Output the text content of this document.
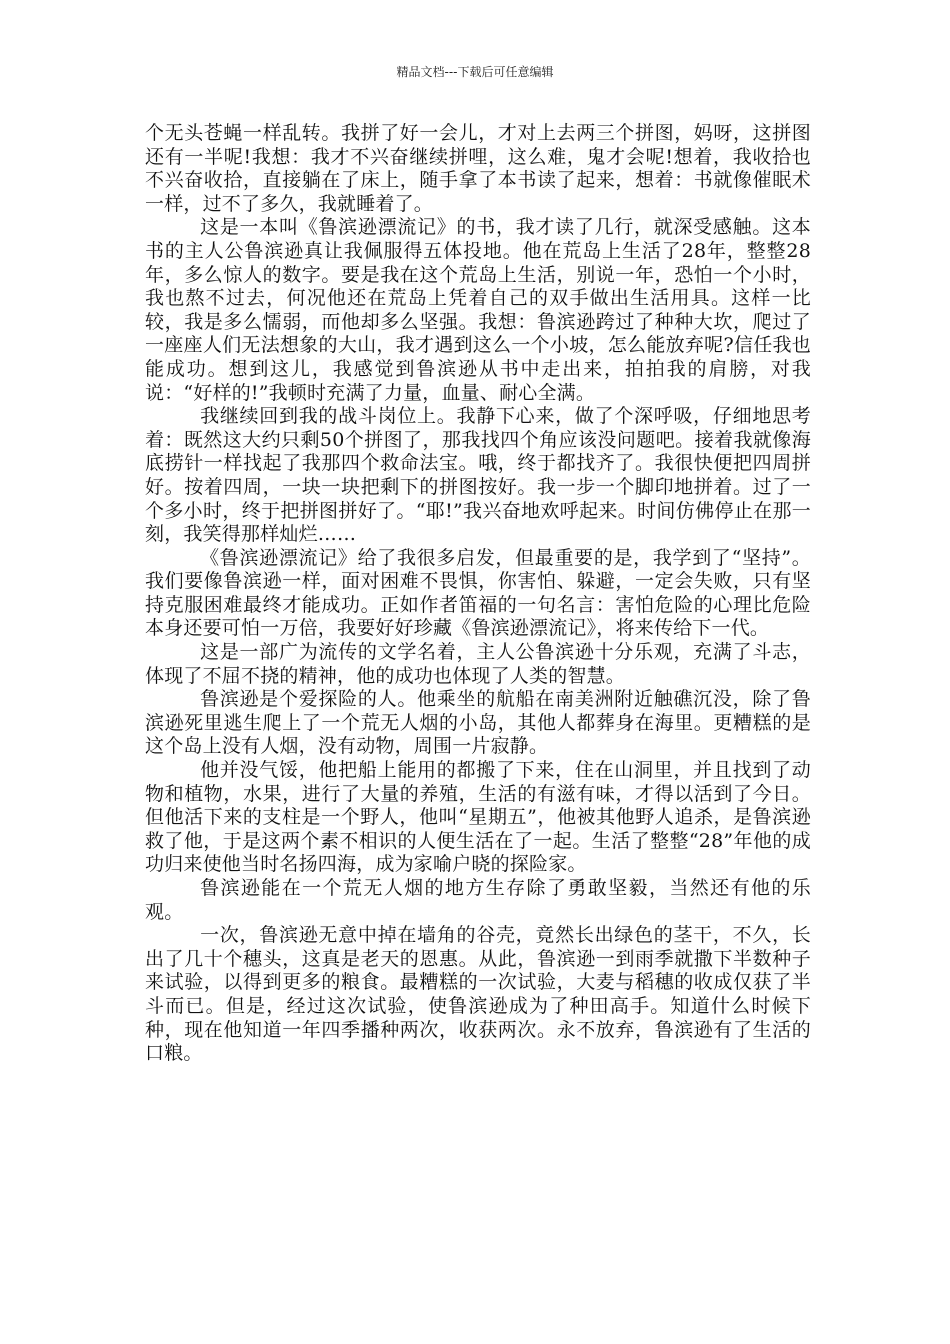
精品文档---下载后可任意编辑

个无头苍蝇一样乱转。我拼了好一会儿，才对上去两三个拼图，妈呀，这拼图还有一半呢!我想：我才不兴奋继续拼哩，这么难，鬼才会呢!想着，我收拾也不兴奋收拾，直接躺在了床上，随手拿了本书读了起来，想着：书就像催眠术一样，过不了多久，我就睡着了。

这是一本叫《鲁滨逊漂流记》的书，我才读了几行，就深受感触。这本书的主人公鲁滨逊真让我佩服得五体投地。他在荒岛上生活了28年，整整28年，多么惊人的数字。要是我在这个荒岛上生活，别说一年，恐怕一个小时，我也熬不过去，何况他还在荒岛上凭着自己的双手做出生活用具。这样一比较，我是多么懦弱，而他却多么坚强。我想：鲁滨逊跨过了种种大坎，爬过了一座座人们无法想象的大山，我才遇到这么一个小坡，怎么能放弃呢?信任我也能成功。想到这儿，我感觉到鲁滨逊从书中走出来，拍拍我的肩膀，对我说：“好样的!”我顿时充满了力量，血量、耐心全满。

我继续回到我的战斗岗位上。我静下心来，做了个深呼吸，仔细地思考着：既然这大约只剩50个拼图了，那我找四个角应该没问题吧。接着我就像海底捞针一样找起了我那四个救命法宝。哦，终于都找齐了。我很快便把四周拼好。按着四周，一块一块把剩下的拼图按好。我一步一个脚印地拼着。过了一个多小时，终于把拼图拼好了。“耶!”我兴奋地欢呼起来。时间仿佛停止在那一刻，我笑得那样灿烂……

《鲁滨逊漂流记》给了我很多启发，但最重要的是，我学到了“坚持”。我们要像鲁滨逊一样，面对困难不畏惧，你害怕、躲避，一定会失败，只有坚持克服困难最终才能成功。正如作者笛福的一句名言：害怕危险的心理比危险本身还要可怕一万倍，我要好好珍藏《鲁滨逊漂流记》，将来传给下一代。

这是一部广为流传的文学名着，主人公鲁滨逊十分乐观，充满了斗志，体现了不屈不挠的精神，他的成功也体现了人类的智慧。

鲁滨逊是个爱探险的人。他乘坐的航船在南美洲附近触礁沉没，除了鲁滨逊死里逃生爬上了一个荒无人烟的小岛，其他人都葬身在海里。更糟糕的是这个岛上没有人烟，没有动物，周围一片寂静。

他并没气馁，他把船上能用的都搬了下来，住在山洞里，并且找到了动物和植物，水果，进行了大量的养殖，生活的有滋有味，才得以活到了今日。但他活下来的支柱是一个野人，他叫“星期五”，他被其他野人追杀，是鲁滨逊救了他，于是这两个素不相识的人便生活在了一起。生活了整整“28”年他的成功归来使他当时名扬四海，成为家喻户晓的探险家。

鲁滨逊能在一个荒无人烟的地方生存除了勇敢坚毅，当然还有他的乐观。

一次，鲁滨逊无意中掉在墙角的谷壳，竟然长出绿色的茎干，不久，长出了几十个穗头，这真是老天的恩惠。从此，鲁滨逊一到雨季就撒下半数种子来试验，以得到更多的粮食。最糟糕的一次试验，大麦与稻穗的收成仅获了半斗而已。但是，经过这次试验，使鲁滨逊成为了种田高手。知道什么时候下种，现在他知道一年四季播种两次，收获两次。永不放弃，鲁滨逊有了生活的口粮。
